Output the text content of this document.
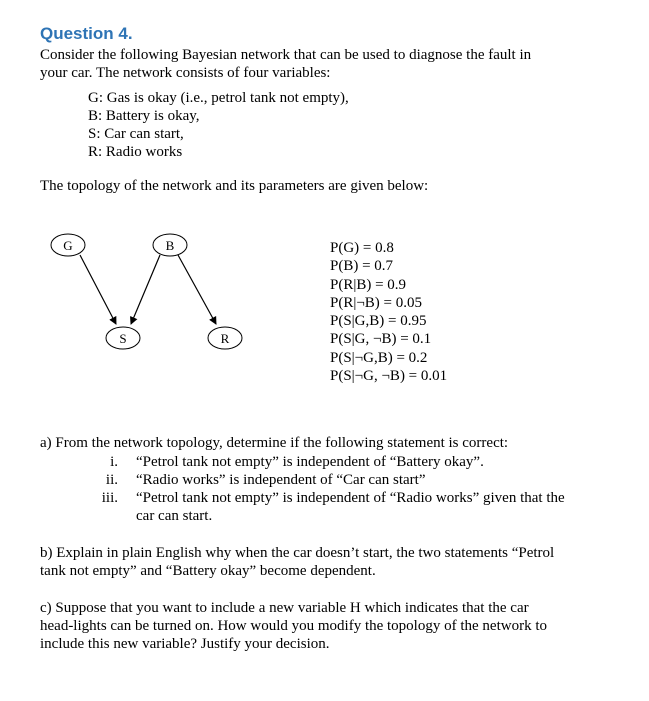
Question 4.

Consider the following Bayesian network that can be used to diagnose the fault in

your car. The network consists of four variables:

G: Gas is okay (i.e., petrol tank not empty),
B: Battery is okay,
S: Car can start,
R: Radio works

The topology of the network and its parameters are given below:

G	B
S	R
P(G) = 0.8
P(B) = 0.7
P(R|B) = 0.9
P(R|¬B) = 0.05
P(S|G,B) = 0.95
P(S|G, ¬B) = 0.1
P(S|¬G,B) = 0.2
P(S|¬G, ¬B) = 0.01

a) From the network topology, determine if the following statement is correct:

i. “Petrol tank not empty” is independent of “Battery okay”.
ii. “Radio works” is independent of “Car can start”
iii. “Petrol tank not empty” is independent of “Radio works” given that the
car can start.

b) Explain in plain English why when the car doesn’t start, the two statements “Petrol

tank not empty” and “Battery okay” become dependent.

c) Suppose that you want to include a new variable H which indicates that the car

head-lights can be turned on. How would you modify the topology of the network to

include this new variable? Justify your decision.
